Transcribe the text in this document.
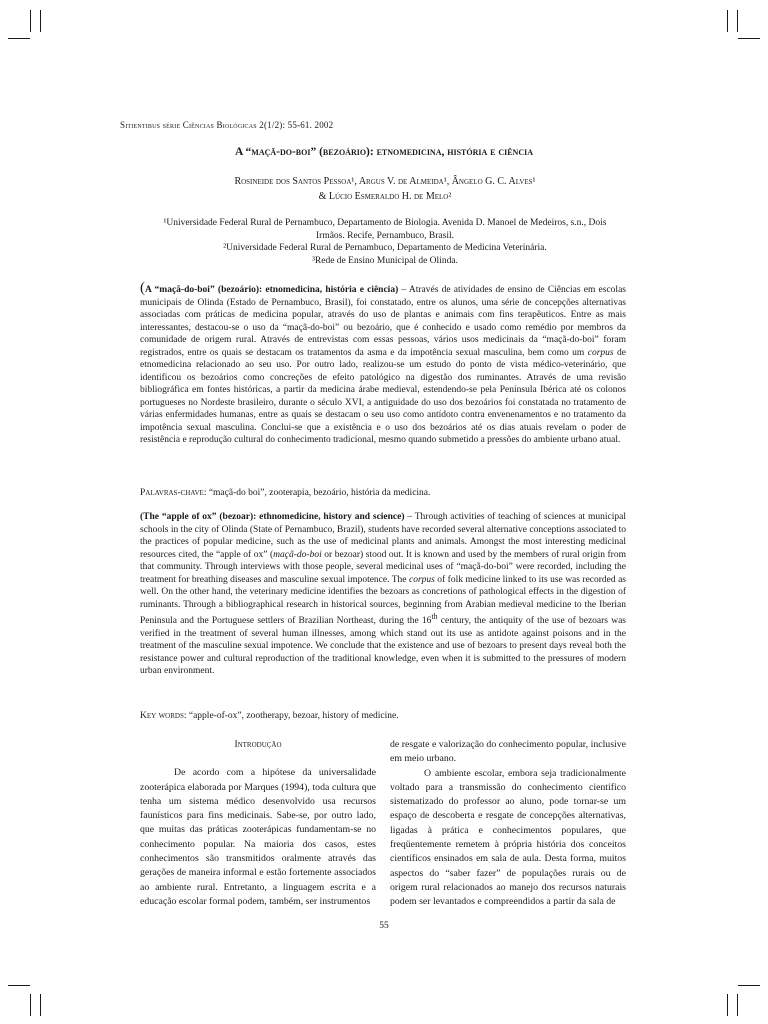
Sitientibus série Ciências Biológicas 2(1/2): 55-61. 2002
A “maçã-do-boi” (bezoário): etnomedicina, história e ciência
Rosineide dos Santos Pessoa¹, Argus V. de Almeida¹, Ângelo G. C. Alves¹
& Lúcio Esmeraldo H. de Melo²
¹Universidade Federal Rural de Pernambuco, Departamento de Biologia. Avenida D. Manoel de Medeiros, s.n., Dois Irmãos. Recife, Pernambuco, Brasil.
²Universidade Federal Rural de Pernambuco, Departamento de Medicina Veterinária.
³Rede de Ensino Municipal de Olinda.
(A “maçã-do-boi” (bezoário): etnomedicina, história e ciência) – Através de atividades de ensino de Ciências em escolas municipais de Olinda (Estado de Pernambuco, Brasil), foi constatado, entre os alunos, uma série de concepções alternativas associadas com práticas de medicina popular, através do uso de plantas e animais com fins terapêuticos. Entre as mais interessantes, destacou-se o uso da “maçã-do-boi” ou bezoário, que é conhecido e usado como remédio por membros da comunidade de origem rural. Através de entrevistas com essas pessoas, vários usos medicinais da “maçã-do-boi” foram registrados, entre os quais se destacam os tratamentos da asma e da impotência sexual masculina, bem como um corpus de etnomedicina relacionado ao seu uso. Por outro lado, realizou-se um estudo do ponto de vista médico-veterinário, que identificou os bezoários como concreções de efeito patológico na digestão dos ruminantes. Através de uma revisão bibliográfica em fontes históricas, a partir da medicina árabe medieval, estendendo-se pela Península Ibérica até os colonos portugueses no Nordeste brasileiro, durante o século XVI, a antiguidade do uso dos bezoários foi constatada no tratamento de várias enfermidades humanas, entre as quais se destacam o seu uso como antídoto contra envenenamentos e no tratamento da impotência sexual masculina. Conclui-se que a existência e o uso dos bezoários até os dias atuais revelam o poder de resistência e reprodução cultural do conhecimento tradicional, mesmo quando submetido a pressões do ambiente urbano atual.
Palavras-chave: “maçã-do boi”, zooterapia, bezoário, história da medicina.
(The “apple of ox” (bezoar): ethnomedicine, history and science) – Through activities of teaching of sciences at municipal schools in the city of Olinda (State of Pernambuco, Brazil), students have recorded several alternative conceptions associated to the practices of popular medicine, such as the use of medicinal plants and animals. Amongst the most interesting medicinal resources cited, the “apple of ox” (maçã-do-boi or bezoar) stood out. It is known and used by the members of rural origin from that community. Through interviews with those people, several medicinal uses of “maçã-do-boi” were recorded, including the treatment for breathing diseases and masculine sexual impotence. The corpus of folk medicine linked to its use was recorded as well. On the other hand, the veterinary medicine identifies the bezoars as concretions of pathological effects in the digestion of ruminants. Through a bibliographical research in historical sources, beginning from Arabian medieval medicine to the Iberian Peninsula and the Portuguese settlers of Brazilian Northeast, during the 16th century, the antiquity of the use of bezoars was verified in the treatment of several human illnesses, among which stand out its use as antidote against poisons and in the treatment of the masculine sexual impotence. We conclude that the existence and use of bezoars to present days reveal both the resistance power and cultural reproduction of the traditional knowledge, even when it is submitted to the pressures of modern urban environment.
Key words: “apple-of-ox”, zootherapy, bezoar, history of medicine.

Introdução

De acordo com a hipótese da universalidade zooterápica elaborada por Marques (1994), toda cultura que tenha um sistema médico desenvolvido usa recursos faunísticos para fins medicinais. Sabe-se, por outro lado, que muitas das práticas zooterápicas fundamentam-se no conhecimento popular. Na maioria dos casos, estes conhecimentos são transmitidos oralmente através das gerações de maneira informal e estão fortemente associados ao ambiente rural. Entretanto, a linguagem escrita e a educação escolar formal podem, também, ser instrumentos

de resgate e valorização do conhecimento popular, inclusive em meio urbano.

O ambiente escolar, embora seja tradicionalmente voltado para a transmissão do conhecimento científico sistematizado do professor ao aluno, pode tornar-se um espaço de descoberta e resgate de concepções alternativas, ligadas à prática e conhecimentos populares, que freqüentemente remetem à própria história dos conceitos científicos ensinados em sala de aula. Desta forma, muitos aspectos do “saber fazer” de populações rurais ou de origem rural relacionados ao manejo dos recursos naturais podem ser levantados e compreendidos a partir da sala de

55
